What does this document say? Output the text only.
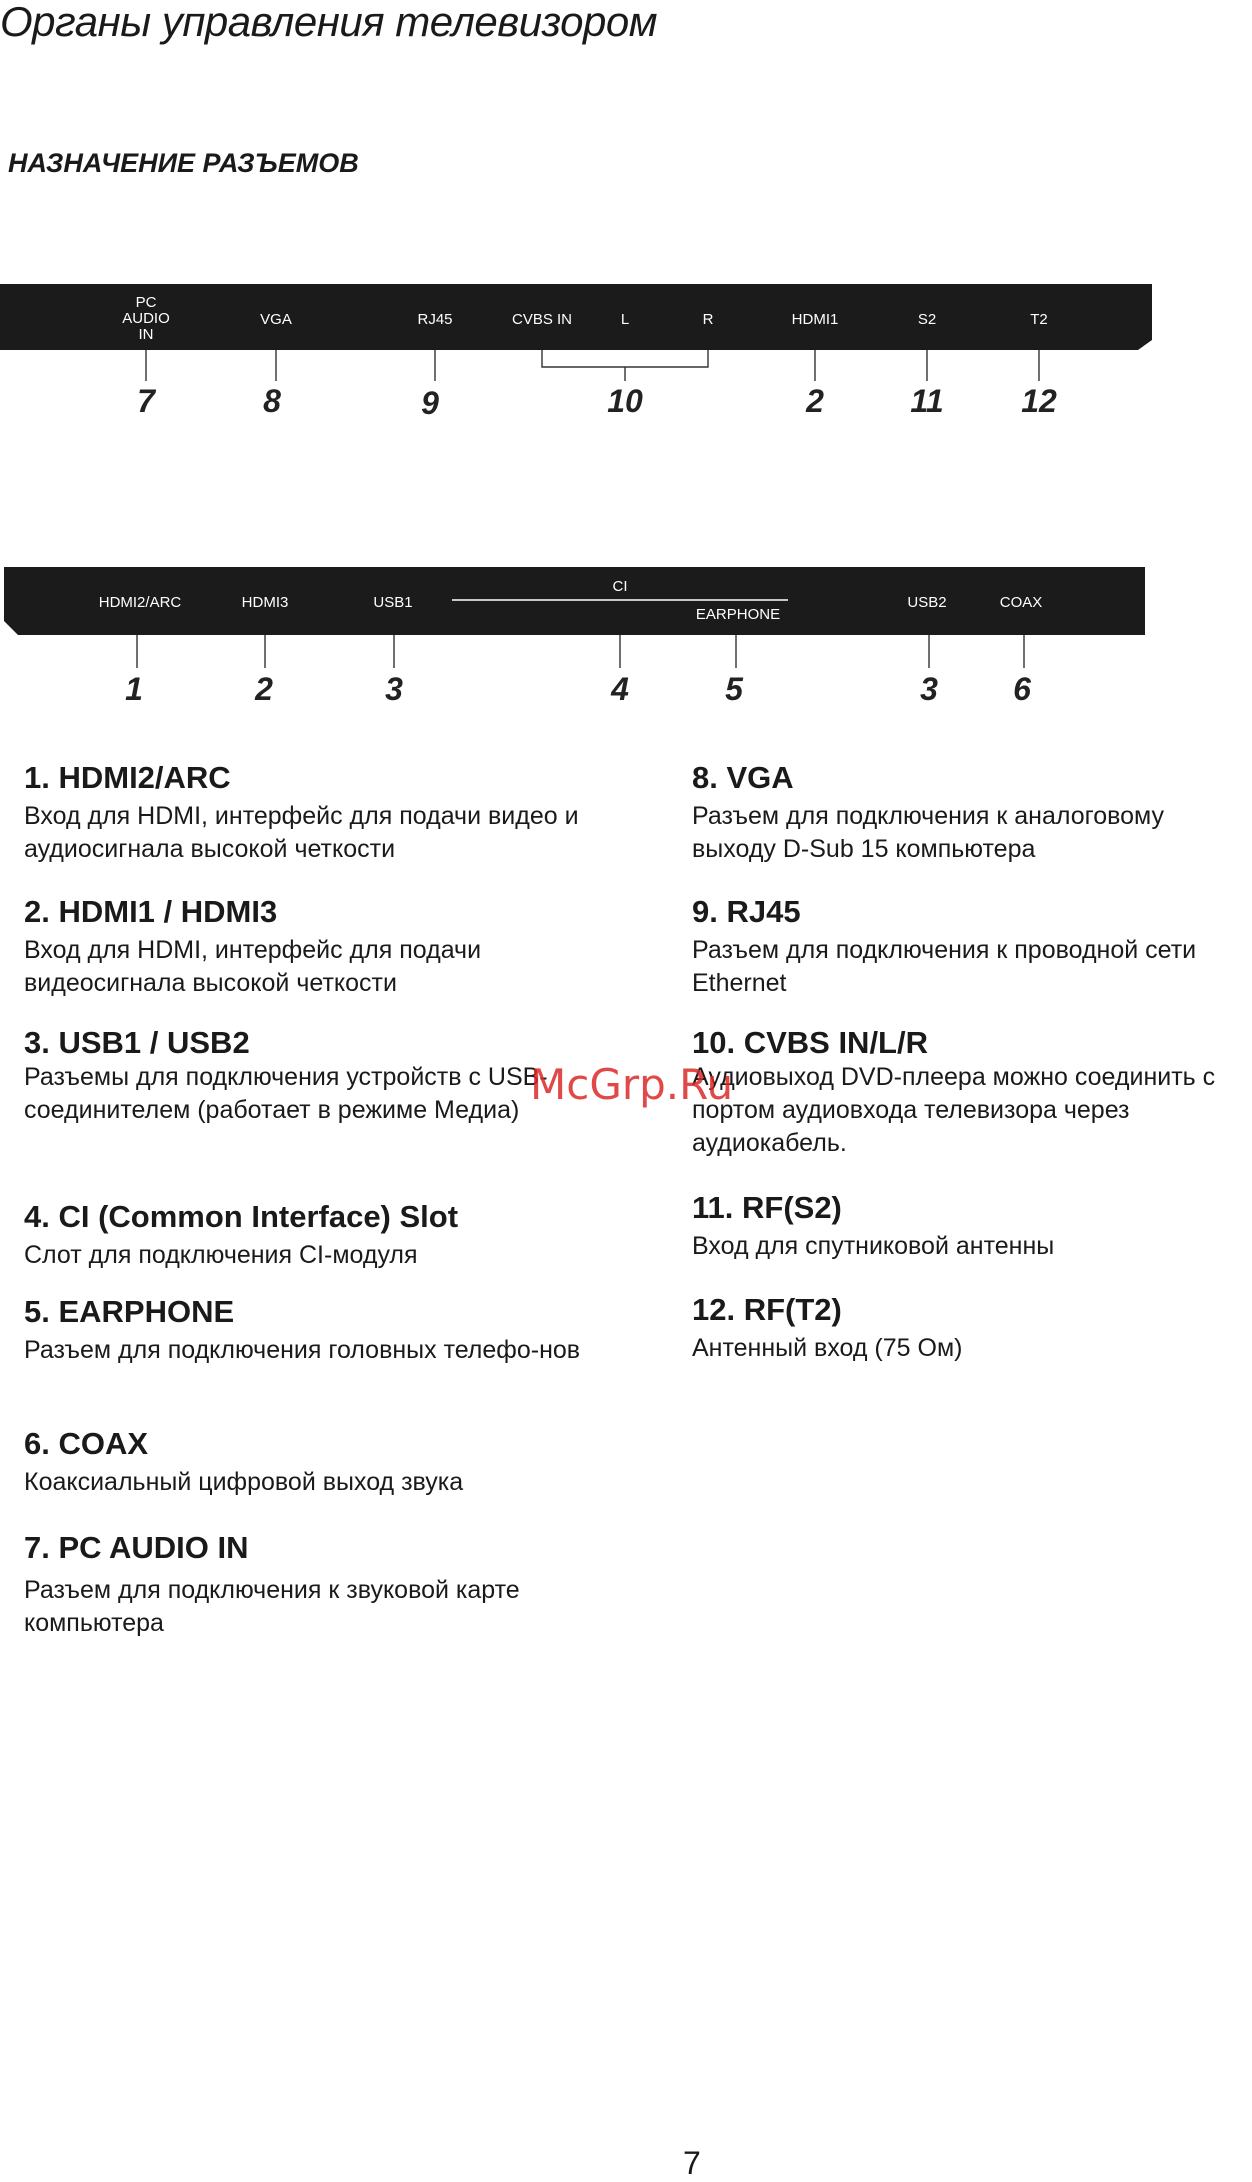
Органы управления телевизором
НАЗНАЧЕНИЕ РАЗЪЕМОВ
PC
AUDIO
IN
VGA	RJ45	CVBS IN	L	R	HDMI1	S2	T2
7	8	9	10	2	11 12
HDMI2/ARC	HDMI3	USB1
CI
EARPHONE
USB2	COAX
1	2	3	4	5	3 6
1. HDMI2/ARC
Вход для HDMI, интерфейс для подачи видео и аудиосигнала высокой четкости
2. HDMI1 / HDMI3
Вход для HDMI, интерфейс для подачи видеосигнала высокой четкости
3. USB1 / USB2
Разъемы для подключения устройств с USB-соединителем (работает в режиме Медиа)
4. CI (Common Interface) Slot
Слот для подключения CI-модуля
5. EARPHONE
Разъем для подключения головных телефо-нов
6. COAX
Коаксиальный цифровой выход звука
7. PC AUDIO IN
Разъем для подключения к звуковой карте компьютера
8. VGA
Разъем для подключения к аналоговому выходу D-Sub 15 компьютера
9. RJ45
Разъем для подключения к проводной сети Ethernet
10. CVBS IN/L/R
Аудиовыход DVD-плеера можно соединить с портом аудиовхода телевизора через аудиокабель.
11. RF(S2)
Вход для спутниковой антенны
12. RF(T2)
Антенный вход (75 Ом)
McGrp.Ru
7
